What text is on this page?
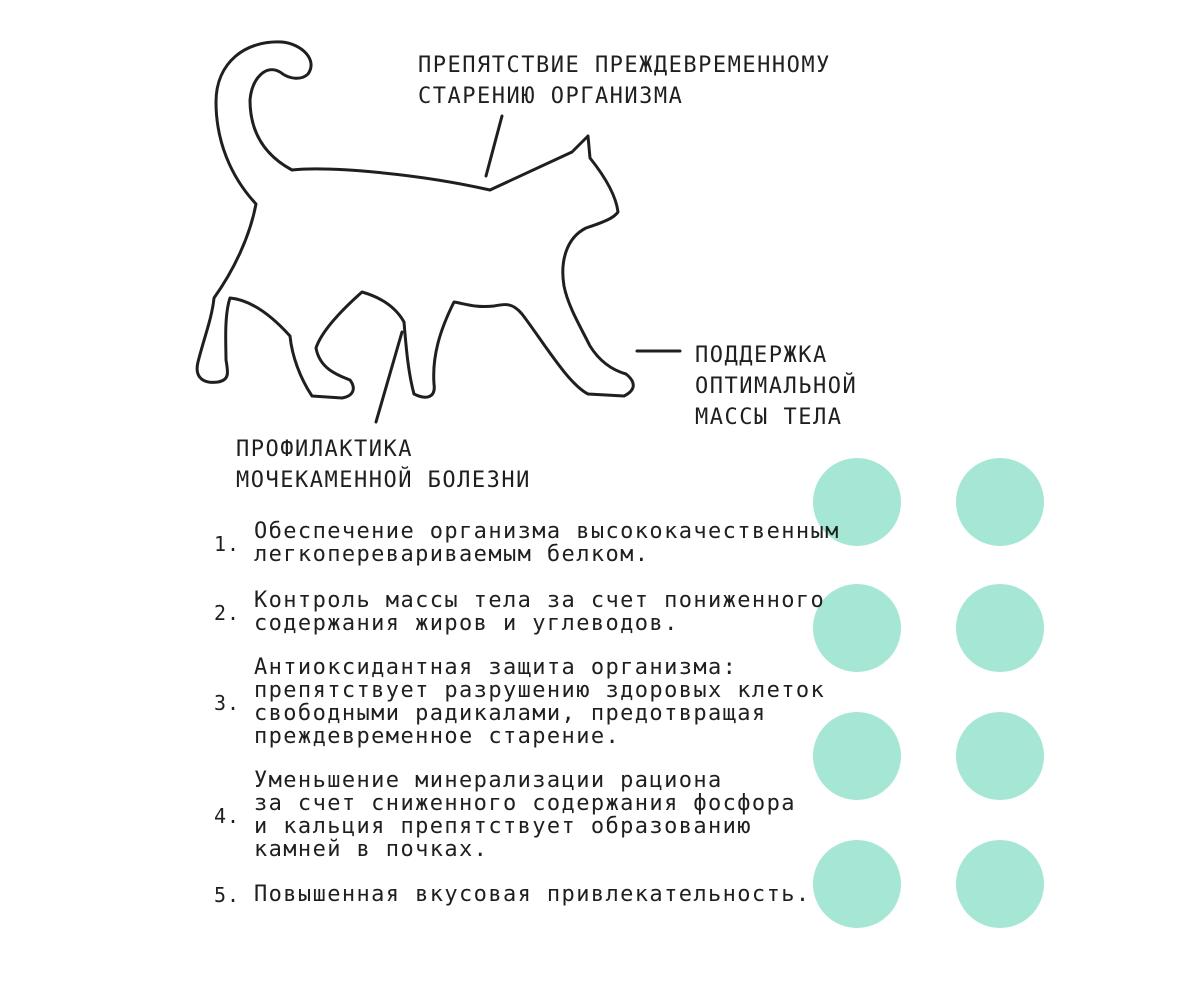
ПРЕПЯТСТВИЕ ПРЕЖДЕВРЕМЕННОМУ
СТАРЕНИЮ ОРГАНИЗМА

ПОДДЕРЖКА
ОПТИМАЛЬНОЙ
МАССЫ ТЕЛА

ПРОФИЛАКТИКА
МОЧЕКАМЕННОЙ БОЛЕЗНИ

1. Обеспечение организма высококачественным
легкоперевариваемым белком.

2. Контроль массы тела за счет пониженного
содержания жиров и углеводов.

3.

Антиоксидантная защита организма:
препятствует разрушению здоровых клеток
свободными радикалами, предотвращая
преждевременное старение.

4.

Уменьшение минерализации рациона
за счет сниженного содержания фосфора
и кальция препятствует образованию
камней в почках.

5. Повышенная вкусовая привлекательность.
